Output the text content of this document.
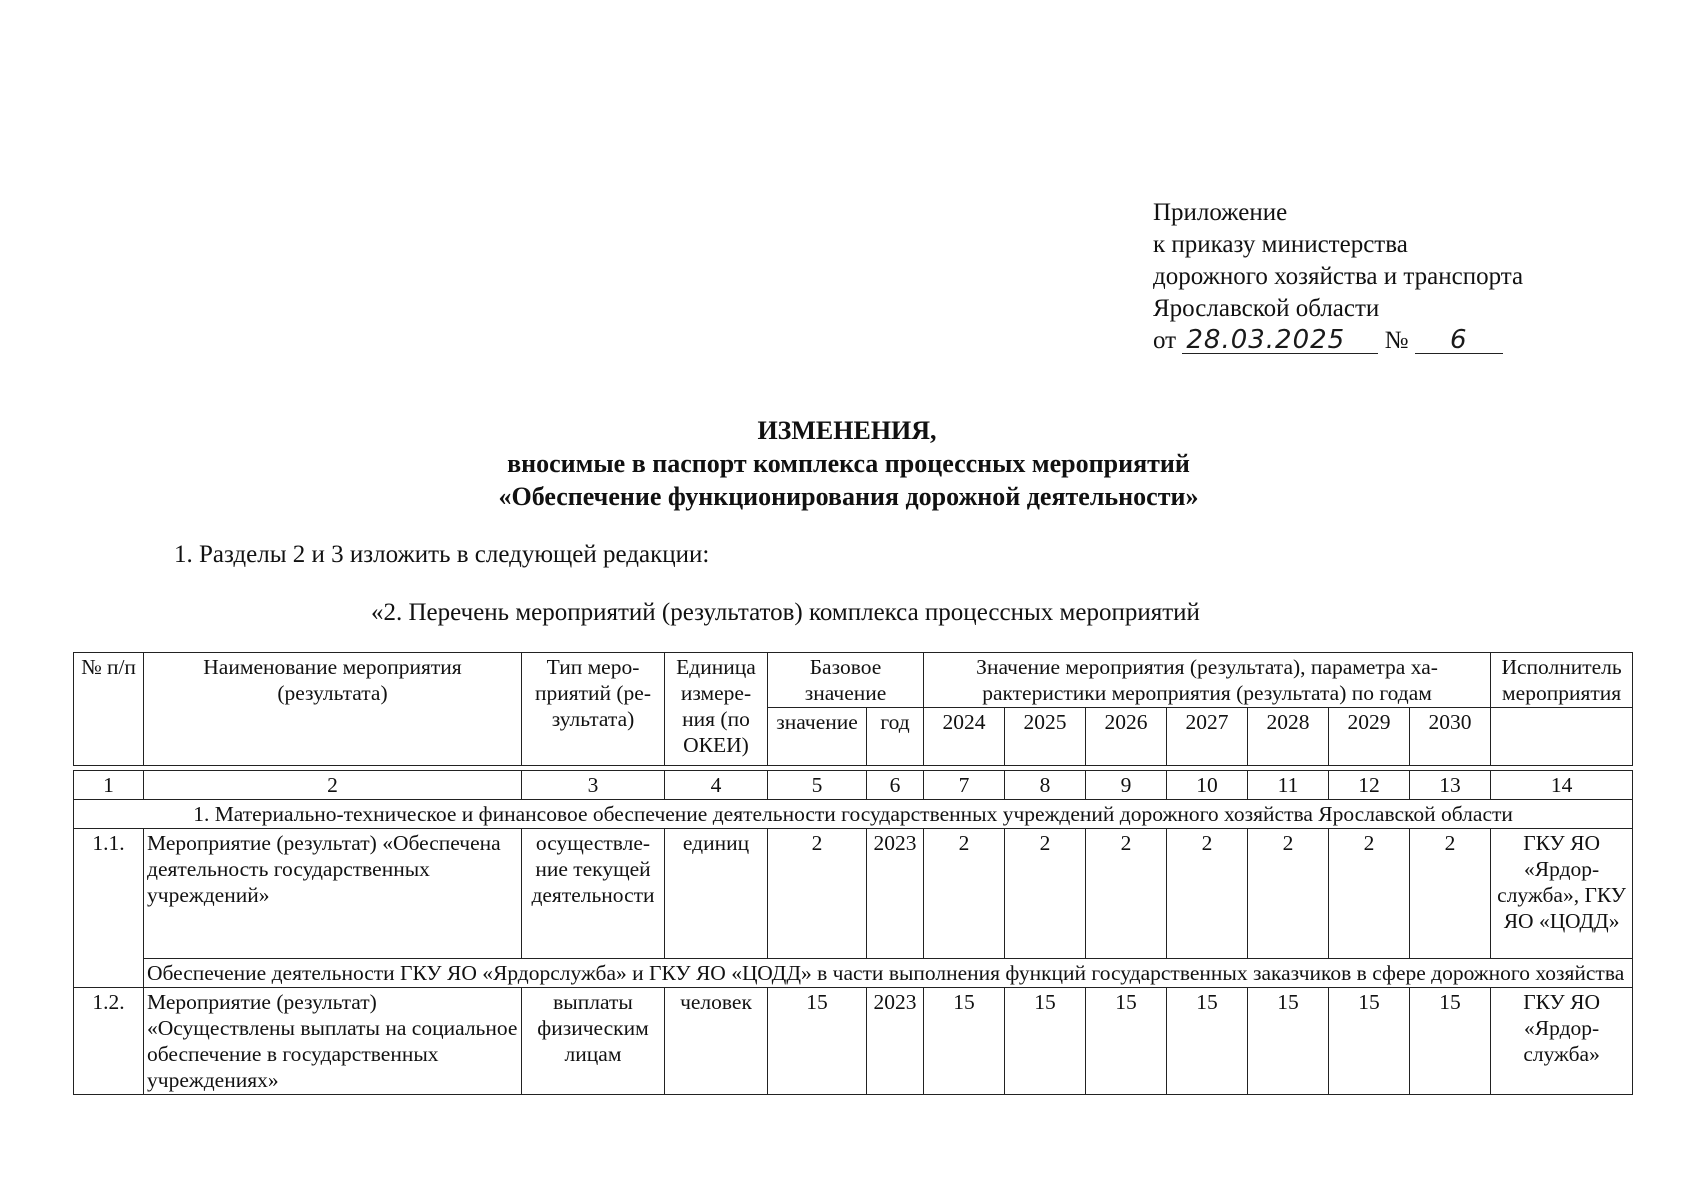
Приложение
к приказу министерства
дорожного хозяйства и транспорта
Ярославской области
от 28.03.2025 № 6
ИЗМЕНЕНИЯ,
вносимые в паспорт комплекса процессных мероприятий
«Обеспечение функционирования дорожной деятельности»
1. Разделы 2 и 3 изложить в следующей редакции:
«2. Перечень мероприятий (результатов) комплекса процессных мероприятий
№ п/п	Наименование мероприятия (результата)	Тип меро-приятий (ре-зультата)	Единица измере-ния (по ОКЕИ)	Базовое значение		Значение мероприятия (результата), параметра ха-рактеристики мероприятия (результата) по годам							Исполнитель мероприятия
				значение	год	2024	2025	2026	2027	2028	2029	2030	

1	2	3	4	5	6	7	8	9	10	11	12	13	14
1. Материально-техническое и финансовое обеспечение деятельности государственных учреждений дорожного хозяйства Ярославской области													
1.1.	Мероприятие (результат) «Обеспечена деятельность государственных учреждений»	осуществле-ние текущей деятельности	единиц	2	2023	2	2	2	2	2	2	2	ГКУ ЯО «Ярдор-служба», ГКУ ЯО «ЦОДД»
	Обеспечение деятельности ГКУ ЯО «Ярдорслужба» и ГКУ ЯО «ЦОДД» в части выполнения функций государственных заказчиков в сфере дорожного хозяйства												
1.2.	Мероприятие (результат) «Осуществлены выплаты на социальное обеспечение в государственных учреждениях»	выплаты физическим лицам	человек	15	2023	15	15	15	15	15	15	15	ГКУ ЯО «Ярдор-служба»
